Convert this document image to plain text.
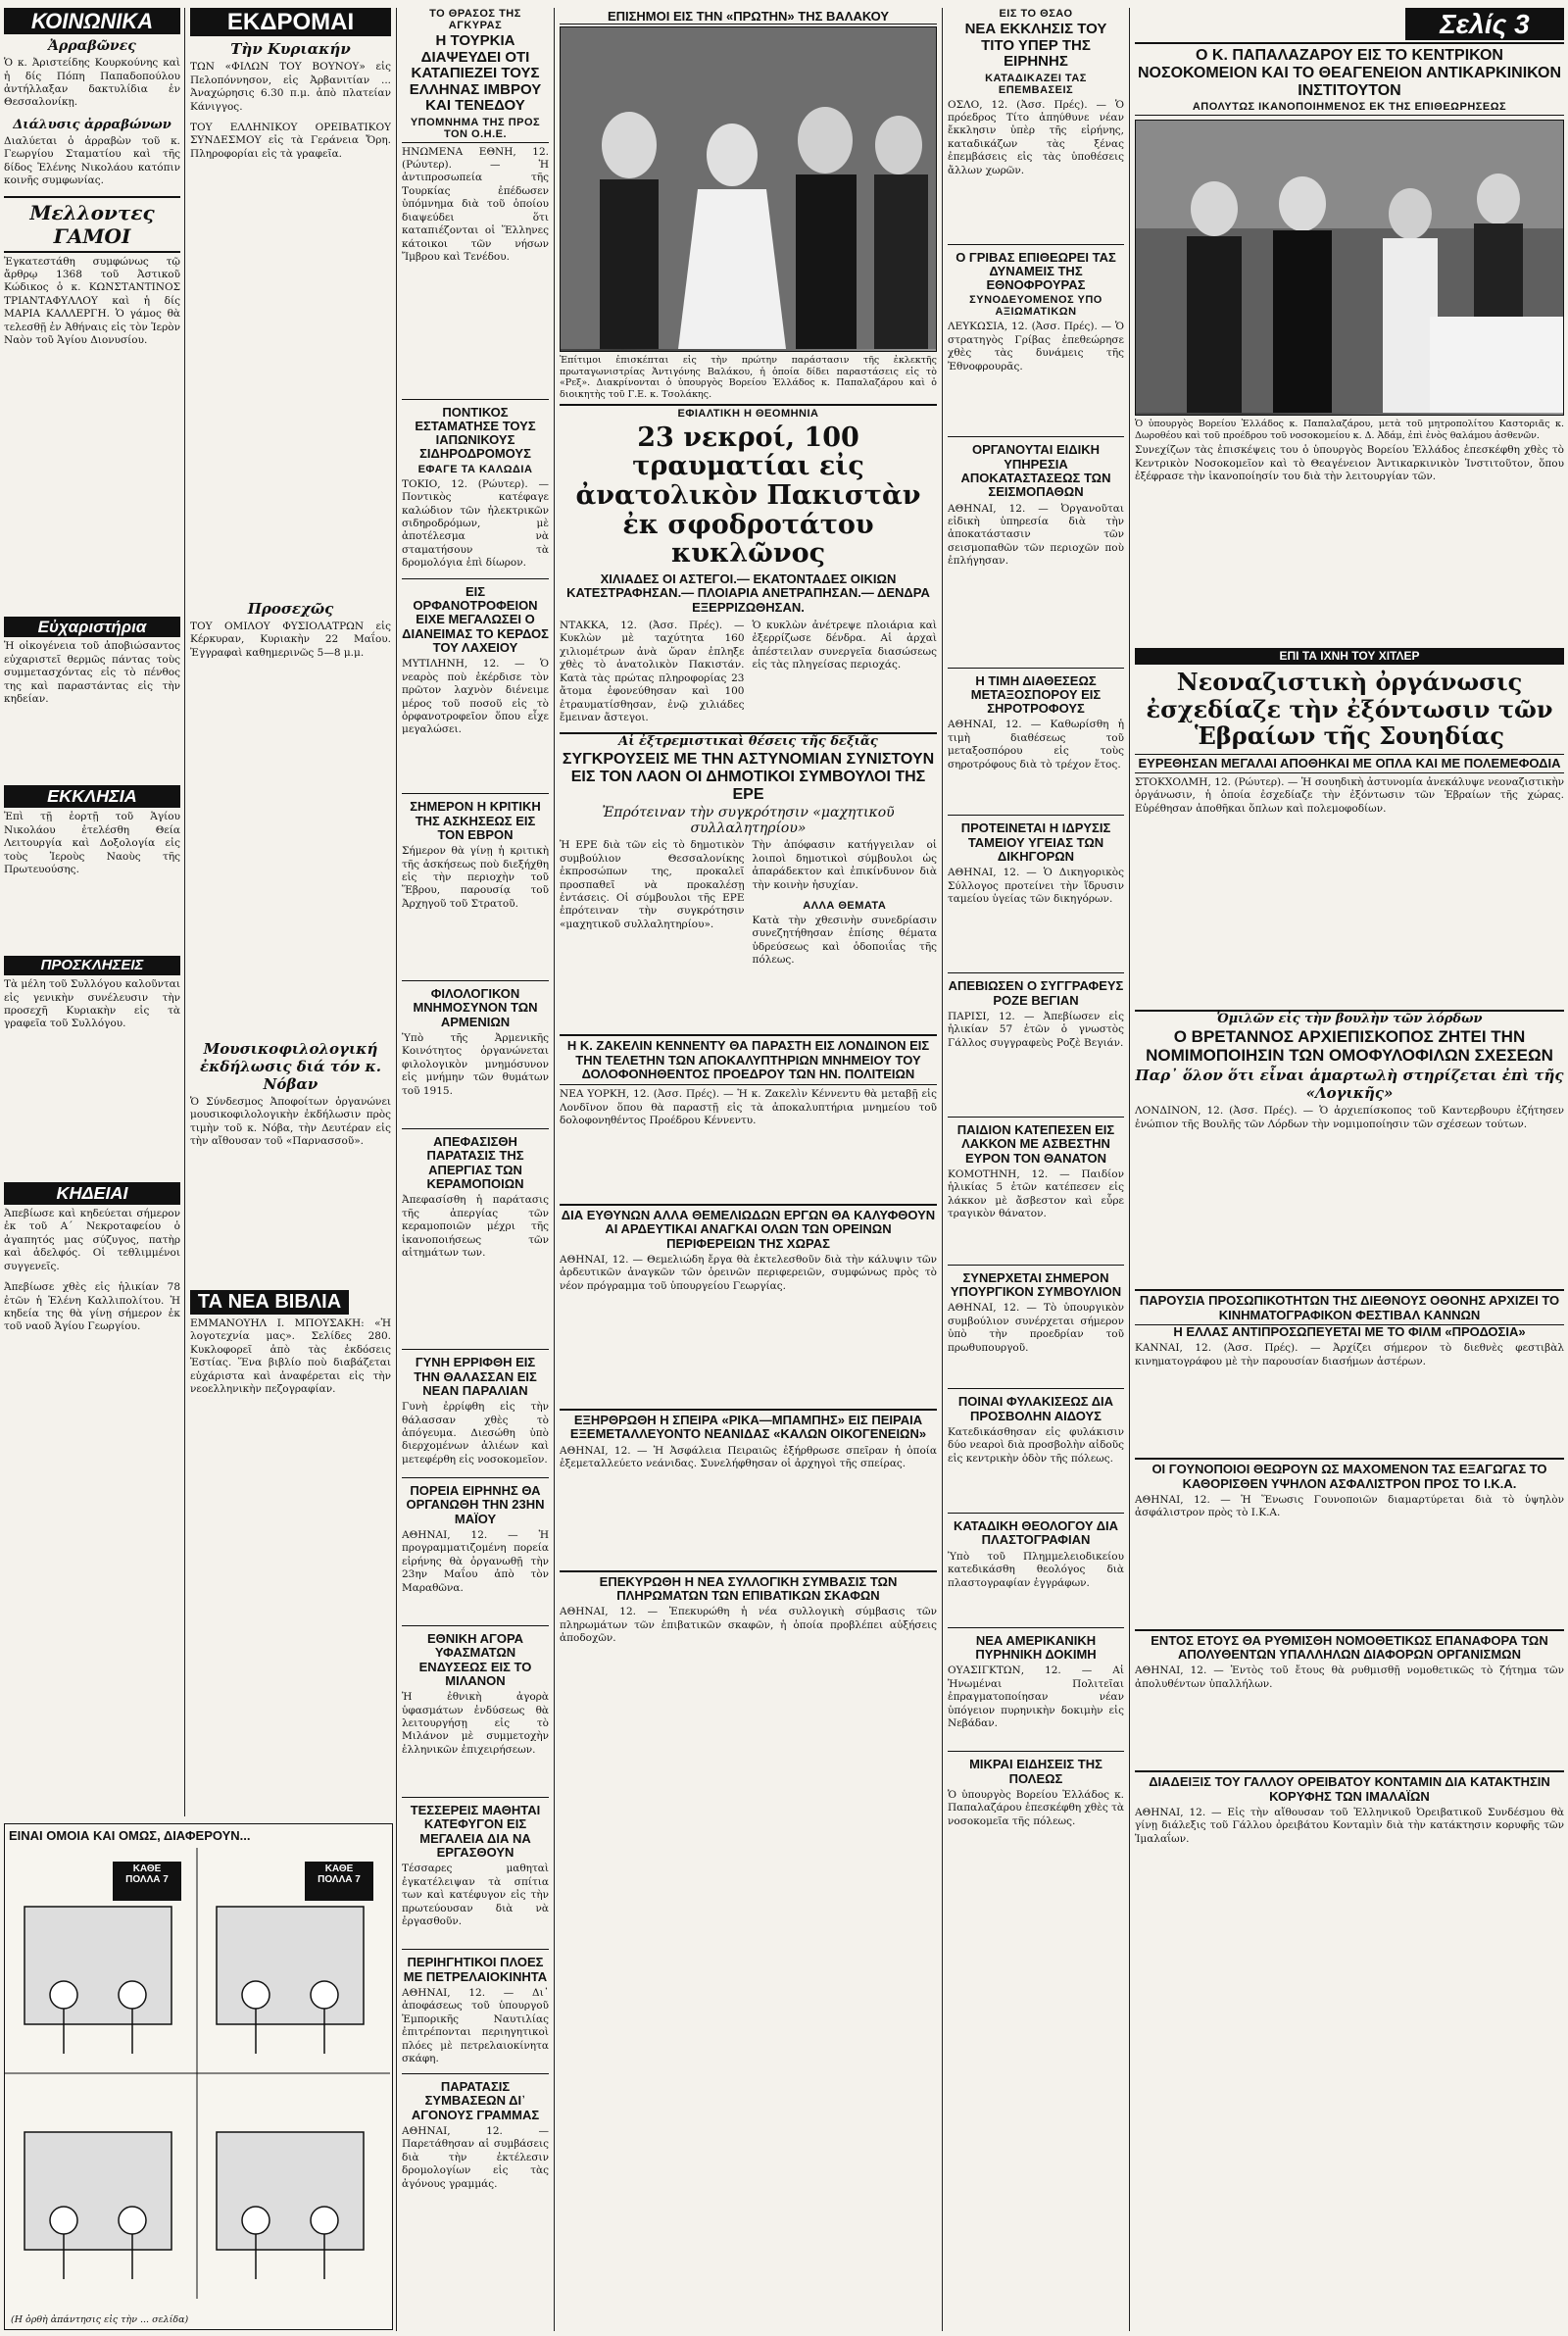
ΚΟΙΝΩΝΙΚΑ
Ἀρραβῶνες
Ὁ κ. Ἀριστείδης Κουρκούνης καὶ ἡ δίς Πόπη Παπαδοπούλου ἀντήλλαξαν δακτυλίδια ἐν Θεσσαλονίκῃ.
Διάλυσις ἀρραβώνων
Διαλύεται ὁ ἀρραβὼν τοῦ κ. Γεωργίου Σταματίου καὶ τῆς δίδος Ἑλένης Νικολάου κατόπιν κοινῆς συμφωνίας.
Μελλοντες ΓΑΜΟΙ
Ἐγκατεστάθη συμφώνως τῷ ἄρθρῳ 1368 τοῦ Ἀστικοῦ Κώδικος ὁ κ. ΚΩΝΣΤΑΝΤΙΝΟΣ ΤΡΙΑΝΤΑΦΥΛΛΟΥ καὶ ἡ δίς ΜΑΡΙΑ ΚΑΛΛΕΡΓΗ. Ὁ γάμος θὰ τελεσθῇ ἐν Ἀθήναις εἰς τὸν Ἱερὸν Ναὸν τοῦ Ἁγίου Διονυσίου.
Εὐχαριστήρια
Ἡ οἰκογένεια τοῦ ἀποβιώσαντος εὐχαριστεῖ θερμῶς πάντας τοὺς συμμετασχόντας εἰς τὸ πένθος της καὶ παραστάντας εἰς τὴν κηδείαν.
ΕΚΚΛΗΣΙΑ
Ἐπὶ τῇ ἑορτῇ τοῦ Ἁγίου Νικολάου ἐτελέσθη Θεία Λειτουργία καὶ Δοξολογία εἰς τοὺς Ἱεροὺς Ναοὺς τῆς Πρωτευούσης.
ΠΡΟΣΚΛΗΣΕΙΣ
Τὰ μέλη τοῦ Συλλόγου καλοῦνται εἰς γενικὴν συνέλευσιν τὴν προσεχῆ Κυριακὴν εἰς τὰ γραφεῖα τοῦ Συλλόγου.
ΚΗΔΕΙΑΙ
Ἀπεβίωσε καὶ κηδεύεται σήμερον ἐκ τοῦ Α΄ Νεκροταφείου ὁ ἀγαπητός μας σύζυγος, πατὴρ καὶ ἀδελφός. Οἱ τεθλιμμένοι συγγενεῖς.
Ἀπεβίωσε χθὲς εἰς ἡλικίαν 78 ἐτῶν ἡ Ἑλένη Καλλιπολίτου. Ἡ κηδεία της θὰ γίνῃ σήμερον ἐκ τοῦ ναοῦ Ἁγίου Γεωργίου.
ΕΙΝΑΙ ΟΜΟΙΑ ΚΑΙ ΟΜΩΣ, ΔΙΑΦΕΡΟΥΝ...
ΚΑΘΕ ΠΟΛΛΑ 7
ΚΑΘΕ ΠΟΛΛΑ 7
(Η ὀρθὴ ἀπάντησις εἰς τὴν ... σελίδα)
ΕΚΔΡΟΜΑΙ
Τὴν Κυριακήν
ΤΩΝ «ΦΙΛΩΝ ΤΟΥ ΒΟΥΝΟΥ» εἰς Πελοπόννησον, εἰς Ἀρβανιτίαν ... Ἀναχώρησις 6.30 π.μ. ἀπὸ πλατείαν Κάνιγγος.
ΤΟΥ ΕΛΛΗΝΙΚΟΥ ΟΡΕΙΒΑΤΙΚΟΥ ΣΥΝΔΕΣΜΟΥ εἰς τὰ Γεράνεια Ὄρη. Πληροφορίαι εἰς τὰ γραφεῖα.
Προσεχῶς
ΤΟΥ ΟΜΙΛΟΥ ΦΥΣΙΟΛΑΤΡΩΝ εἰς Κέρκυραν, Κυριακὴν 22 Μαΐου. Ἐγγραφαὶ καθημερινῶς 5—8 μ.μ.
Μουσικοφιλολογική ἐκδήλωσις διά τόν κ. Νόβαν
Ὁ Σύνδεσμος Ἀποφοίτων ὀργανώνει μουσικοφιλολογικὴν ἐκδήλωσιν πρὸς τιμὴν τοῦ κ. Νόβα, τὴν Δευτέραν εἰς τὴν αἴθουσαν τοῦ «Παρνασσοῦ».
ΤΑ ΝΕΑ ΒΙΒΛΙΑ
ΕΜΜΑΝΟΥΗΛ Ι. ΜΠΟΥΣΑΚΗ: «Ἡ λογοτεχνία μας». Σελίδες 280. Κυκλοφορεῖ ἀπὸ τὰς ἐκδόσεις Ἑστίας. Ἕνα βιβλίο ποὺ διαβάζεται εὐχάριστα καὶ ἀναφέρεται εἰς τὴν νεοελληνικὴν πεζογραφίαν.
ΤΟ ΘΡΑΣΟΣ ΤΗΣ ΑΓΚΥΡΑΣ
Η ΤΟΥΡΚΙΑ ΔΙΑΨΕΥΔΕΙ ΟΤΙ ΚΑΤΑΠΙΕΖΕΙ ΤΟΥΣ ΕΛΛΗΝΑΣ ΙΜΒΡΟΥ ΚΑΙ ΤΕΝΕΔΟΥ
ΥΠΟΜΝΗΜΑ ΤΗΣ ΠΡΟΣ ΤΟΝ Ο.Η.Ε.
ΗΝΩΜΕΝΑ ΕΘΝΗ, 12. (Ρώυτερ). — Ἡ ἀντιπροσωπεία τῆς Τουρκίας ἐπέδωσεν ὑπόμνημα διὰ τοῦ ὁποίου διαψεύδει ὅτι καταπιέζονται οἱ Ἕλληνες κάτοικοι τῶν νήσων Ἴμβρου καὶ Τενέδου.
ΠΟΝΤΙΚΟΣ ΕΣΤΑΜΑΤΗΣΕ ΤΟΥΣ ΙΑΠΩΝΙΚΟΥΣ ΣΙΔΗΡΟΔΡΟΜΟΥΣ
ΕΦΑΓΕ ΤΑ ΚΑΛΩΔΙΑ
ΤΟΚΙΟ, 12. (Ρώυτερ). — Ποντικὸς κατέφαγε καλώδιον τῶν ἠλεκτρικῶν σιδηροδρόμων, μὲ ἀποτέλεσμα νὰ σταματήσουν τὰ δρομολόγια ἐπὶ δίωρον.
ΕΙΣ ΟΡΦΑΝΟΤΡΟΦΕΙΟΝ ΕΙΧΕ ΜΕΓΑΛΩΣΕΙ Ο ΔΙΑΝΕΙΜΑΣ ΤΟ ΚΕΡΔΟΣ ΤΟΥ ΛΑΧΕΙΟΥ
ΜΥΤΙΛΗΝΗ, 12. — Ὁ νεαρὸς ποὺ ἐκέρδισε τὸν πρῶτον λαχνὸν διένειμε μέρος τοῦ ποσοῦ εἰς τὸ ὀρφανοτροφεῖον ὅπου εἶχε μεγαλώσει.
ΣΗΜΕΡΟΝ Η ΚΡΙΤΙΚΗ ΤΗΣ ΑΣΚΗΣΕΩΣ ΕΙΣ ΤΟΝ ΕΒΡΟΝ
Σήμερον θὰ γίνῃ ἡ κριτικὴ τῆς ἀσκήσεως ποὺ διεξήχθη εἰς τὴν περιοχὴν τοῦ Ἕβρου, παρουσίᾳ τοῦ Ἀρχηγοῦ τοῦ Στρατοῦ.
ΦΙΛΟΛΟΓΙΚΟΝ ΜΝΗΜΟΣΥΝΟΝ ΤΩΝ ΑΡΜΕΝΙΩΝ
Ὑπὸ τῆς Ἀρμενικῆς Κοινότητος ὀργανώνεται φιλολογικὸν μνημόσυνον εἰς μνήμην τῶν θυμάτων τοῦ 1915.
ΑΠΕΦΑΣΙΣΘΗ ΠΑΡΑΤΑΣΙΣ ΤΗΣ ΑΠΕΡΓΙΑΣ ΤΩΝ ΚΕΡΑΜΟΠΟΙΩΝ
Ἀπεφασίσθη ἡ παράτασις τῆς ἀπεργίας τῶν κεραμοποιῶν μέχρι τῆς ἱκανοποιήσεως τῶν αἰτημάτων των.
ΓΥΝΗ ΕΡΡΙΦΘΗ ΕΙΣ ΤΗΝ ΘΑΛΑΣΣΑΝ ΕΙΣ ΝΕΑΝ ΠΑΡΑΛΙΑΝ
Γυνὴ ἐρρίφθη εἰς τὴν θάλασσαν χθὲς τὸ ἀπόγευμα. Διεσώθη ὑπὸ διερχομένων ἁλιέων καὶ μετεφέρθη εἰς νοσοκομεῖον.
ΠΟΡΕΙΑ ΕΙΡΗΝΗΣ ΘΑ ΟΡΓΑΝΩΘΗ ΤΗΝ 23ΗΝ ΜΑΪΟΥ
ΑΘΗΝΑΙ, 12. — Ἡ προγραμματιζομένη πορεία εἰρήνης θὰ ὀργανωθῇ τὴν 23ην Μαΐου ἀπὸ τὸν Μαραθῶνα.
ΕΘΝΙΚΗ ΑΓΟΡΑ ΥΦΑΣΜΑΤΩΝ ΕΝΔΥΣΕΩΣ ΕΙΣ ΤΟ ΜΙΛΑΝΟΝ
Ἡ ἐθνικὴ ἀγορὰ ὑφασμάτων ἐνδύσεως θὰ λειτουργήσῃ εἰς τὸ Μιλάνον μὲ συμμετοχὴν ἑλληνικῶν ἐπιχειρήσεων.
ΤΕΣΣΕΡΕΙΣ ΜΑΘΗΤΑΙ ΚΑΤΕΦΥΓΟΝ ΕΙΣ ΜΕΓΑΛΕΙΑ ΔΙΑ ΝΑ ΕΡΓΑΣΘΟΥΝ
Τέσσαρες μαθηταὶ ἐγκατέλειψαν τὰ σπίτια των καὶ κατέφυγον εἰς τὴν πρωτεύουσαν διὰ νὰ ἐργασθοῦν.
ΠΕΡΙΗΓΗΤΙΚΟΙ ΠΛΟΕΣ ΜΕ ΠΕΤΡΕΛΑΙΟΚΙΝΗΤΑ
ΑΘΗΝΑΙ, 12. — Δι᾿ ἀποφάσεως τοῦ ὑπουργοῦ Ἐμπορικῆς Ναυτιλίας ἐπιτρέπονται περιηγητικοὶ πλόες μὲ πετρελαιοκίνητα σκάφη.
ΠΑΡΑΤΑΣΙΣ ΣΥΜΒΑΣΕΩΝ ΔΙ᾿ ΑΓΟΝΟΥΣ ΓΡΑΜΜΑΣ
ΑΘΗΝΑΙ, 12. — Παρετάθησαν αἱ συμβάσεις διὰ τὴν ἐκτέλεσιν δρομολογίων εἰς τὰς ἀγόνους γραμμάς.
ΕΠΙΣΗΜΟΙ ΕΙΣ ΤΗΝ «ΠΡΩΤΗΝ» ΤΗΣ ΒΑΛΑΚΟΥ
Ἐπίτιμοι ἐπισκέπται εἰς τὴν πρώτην παράστασιν τῆς ἐκλεκτῆς πρωταγωνιστρίας Ἀντιγόνης Βαλάκου, ἡ ὁποία δίδει παραστάσεις εἰς τὸ «Ρεξ». Διακρίνονται ὁ ὑπουργὸς Βορείου Ἑλλάδος κ. Παπαλαζάρου καὶ ὁ διοικητὴς τοῦ Γ.Ε. κ. Τσολάκης.
ΕΦΙΑΛΤΙΚΗ Η ΘΕΟΜΗΝΙΑ
23 νεκροί, 100 τραυματίαι εἰς ἀνατολικὸν Πακιστὰν ἐκ σφοδροτάτου κυκλῶνος
ΧΙΛΙΑΔΕΣ ΟΙ ΑΣΤΕΓΟΙ.— ΕΚΑΤΟΝΤΑΔΕΣ ΟΙΚΙΩΝ ΚΑΤΕΣΤΡΑΦΗΣΑΝ.— ΠΛΟΙΑΡΙΑ ΑΝΕΤΡΑΠΗΣΑΝ.— ΔΕΝΔΡΑ ΕΞΕΡΡΙΖΩΘΗΣΑΝ.
ΝΤΑΚΚΑ, 12. (Ἀσσ. Πρές). — Κυκλὼν μὲ ταχύτητα 160 χιλιομέτρων ἀνὰ ὥραν ἐπληξε χθὲς τὸ ἀνατολικὸν Πακιστάν. Κατὰ τὰς πρώτας πληροφορίας 23 ἄτομα ἐφονεύθησαν καὶ 100 ἐτραυματίσθησαν, ἐνῷ χιλιάδες ἔμειναν ἄστεγοι.
Ὁ κυκλὼν ἀνέτρεψε πλοιάρια καὶ ἐξερρίζωσε δένδρα. Αἱ ἀρχαὶ ἀπέστειλαν συνεργεῖα διασώσεως εἰς τὰς πληγείσας περιοχάς.
Αἱ ἐξτρεμιστικαὶ θέσεις τῆς δεξιᾶς
ΣΥΓΚΡΟΥΣΕΙΣ ΜΕ ΤΗΝ ΑΣΤΥΝΟΜΙΑΝ ΣΥΝΙΣΤΟΥΝ ΕΙΣ ΤΟΝ ΛΑΟΝ ΟΙ ΔΗΜΟΤΙΚΟΙ ΣΥΜΒΟΥΛΟΙ ΤΗΣ ΕΡΕ
Ἐπρότειναν τὴν συγκρότησιν «μαχητικοῦ συλλαλητηρίου»
Ἡ ΕΡΕ διὰ τῶν εἰς τὸ δημοτικὸν συμβούλιον Θεσσαλονίκης ἐκπροσώπων της, προκαλεῖ προσπαθεῖ νὰ προκαλέσῃ ἐντάσεις. Οἱ σύμβουλοι τῆς ΕΡΕ ἐπρότειναν τὴν συγκρότησιν «μαχητικοῦ συλλαλητηρίου».
Τὴν ἀπόφασιν κατήγγειλαν οἱ λοιποὶ δημοτικοὶ σύμβουλοι ὡς ἀπαράδεκτον καὶ ἐπικίνδυνον διὰ τὴν κοινὴν ἡσυχίαν.
ΑΛΛΑ ΘΕΜΑΤΑ
Κατὰ τὴν χθεσινὴν συνεδρίασιν συνεζητήθησαν ἐπίσης θέματα ὑδρεύσεως καὶ ὁδοποιΐας τῆς πόλεως.
Η Κ. ΖΑΚΕΛΙΝ ΚΕΝΝΕΝΤΥ ΘΑ ΠΑΡΑΣΤΗ ΕΙΣ ΛΟΝΔΙΝΟΝ ΕΙΣ ΤΗΝ ΤΕΛΕΤΗΝ ΤΩΝ ΑΠΟΚΑΛΥΠΤΗΡΙΩΝ ΜΝΗΜΕΙΟΥ ΤΟΥ ΔΟΛΟΦΟΝΗΘΕΝΤΟΣ ΠΡΟΕΔΡΟΥ ΤΩΝ ΗΝ. ΠΟΛΙΤΕΙΩΝ
ΝΕΑ ΥΟΡΚΗ, 12. (Ἀσσ. Πρές). — Ἡ κ. Ζακελὶν Κέννεντυ θὰ μεταβῇ εἰς Λονδῖνον ὅπου θὰ παραστῇ εἰς τὰ ἀποκαλυπτήρια μνημείου τοῦ δολοφονηθέντος Προέδρου Κέννεντυ.
ΔΙΑ ΕΥΘΥΝΩΝ ΑΛΛΑ ΘΕΜΕΛΙΩΔΩΝ ΕΡΓΩΝ ΘΑ ΚΑΛΥΦΘΟΥΝ ΑΙ ΑΡΔΕΥΤΙΚΑΙ ΑΝΑΓΚΑΙ ΟΛΩΝ ΤΩΝ ΟΡΕΙΝΩΝ ΠΕΡΙΦΕΡΕΙΩΝ ΤΗΣ ΧΩΡΑΣ
ΑΘΗΝΑΙ, 12. — Θεμελιώδη ἔργα θὰ ἐκτελεσθοῦν διὰ τὴν κάλυψιν τῶν ἀρδευτικῶν ἀναγκῶν τῶν ὀρεινῶν περιφερειῶν, συμφώνως πρὸς τὸ νέον πρόγραμμα τοῦ ὑπουργείου Γεωργίας.
ΕΞΗΡΘΡΩΘΗ Η ΣΠΕΙΡΑ «ΡΙΚΑ—ΜΠΑΜΠΗΣ» ΕΙΣ ΠΕΙΡΑΙΑ ΕΞΕΜΕΤΑΛΛΕΥΟΝΤΟ ΝΕΑΝΙΔΑΣ «ΚΑΛΩΝ ΟΙΚΟΓΕΝΕΙΩΝ»
ΑΘΗΝΑΙ, 12. — Ἡ Ἀσφάλεια Πειραιῶς ἐξήρθρωσε σπεῖραν ἡ ὁποία ἐξεμεταλλεύετο νεάνιδας. Συνελήφθησαν οἱ ἀρχηγοὶ τῆς σπείρας.
ΕΠΕΚΥΡΩΘΗ Η ΝΕΑ ΣΥΛΛΟΓΙΚΗ ΣΥΜΒΑΣΙΣ ΤΩΝ ΠΛΗΡΩΜΑΤΩΝ ΤΩΝ ΕΠΙΒΑΤΙΚΩΝ ΣΚΑΦΩΝ
ΑΘΗΝΑΙ, 12. — Ἐπεκυρώθη ἡ νέα συλλογικὴ σύμβασις τῶν πληρωμάτων τῶν ἐπιβατικῶν σκαφῶν, ἡ ὁποία προβλέπει αὐξήσεις ἀποδοχῶν.
ΕΙΣ ΤΟ ΘΣΑΟ
ΝΕΑ ΕΚΚΛΗΣΙΣ ΤΟΥ ΤΙΤΟ ΥΠΕΡ ΤΗΣ ΕΙΡΗΝΗΣ
ΚΑΤΑΔΙΚΑΖΕΙ ΤΑΣ ΕΠΕΜΒΑΣΕΙΣ
ΟΣΛΟ, 12. (Ἀσσ. Πρές). — Ὁ πρόεδρος Τίτο ἀπηύθυνε νέαν ἔκκλησιν ὑπὲρ τῆς εἰρήνης, καταδικάζων τὰς ξένας ἐπεμβάσεις εἰς τὰς ὑποθέσεις ἄλλων χωρῶν.
Ο ΓΡΙΒΑΣ ΕΠΙΘΕΩΡΕΙ ΤΑΣ ΔΥΝΑΜΕΙΣ ΤΗΣ ΕΘΝΟΦΡΟΥΡΑΣ
ΣΥΝΟΔΕΥΟΜΕΝΟΣ ΥΠΟ ΑΞΙΩΜΑΤΙΚΩΝ
ΛΕΥΚΩΣΙΑ, 12. (Ἀσσ. Πρές). — Ὁ στρατηγὸς Γρίβας ἐπεθεώρησε χθὲς τὰς δυνάμεις τῆς Ἐθνοφρουρᾶς.
ΟΡΓΑΝΟΥΤΑΙ ΕΙΔΙΚΗ ΥΠΗΡΕΣΙΑ ΑΠΟΚΑΤΑΣΤΑΣΕΩΣ ΤΩΝ ΣΕΙΣΜΟΠΑΘΩΝ
ΑΘΗΝΑΙ, 12. — Ὀργανοῦται εἰδικὴ ὑπηρεσία διὰ τὴν ἀποκατάστασιν τῶν σεισμοπαθῶν τῶν περιοχῶν ποὺ ἐπλήγησαν.
Η ΤΙΜΗ ΔΙΑΘΕΣΕΩΣ ΜΕΤΑΞΟΣΠΟΡΟΥ ΕΙΣ ΣΗΡΟΤΡΟΦΟΥΣ
ΑΘΗΝΑΙ, 12. — Καθωρίσθη ἡ τιμὴ διαθέσεως τοῦ μεταξοσπόρου εἰς τοὺς σηροτρόφους διὰ τὸ τρέχον ἔτος.
ΠΡΟΤΕΙΝΕΤΑΙ Η ΙΔΡΥΣΙΣ ΤΑΜΕΙΟΥ ΥΓΕΙΑΣ ΤΩΝ ΔΙΚΗΓΟΡΩΝ
ΑΘΗΝΑΙ, 12. — Ὁ Δικηγορικὸς Σύλλογος προτείνει τὴν ἵδρυσιν ταμείου ὑγείας τῶν δικηγόρων.
ΑΠΕΒΙΩΣΕΝ Ο ΣΥΓΓΡΑΦΕΥΣ ΡΟΖΕ ΒΕΓΙΑΝ
ΠΑΡΙΣΙ, 12. — Ἀπεβίωσεν εἰς ἡλικίαν 57 ἐτῶν ὁ γνωστὸς Γάλλος συγγραφεὺς Ροζὲ Βεγιάν.
ΠΑΙΔΙΟΝ ΚΑΤΕΠΕΣΕΝ ΕΙΣ ΛΑΚΚΟΝ ΜΕ ΑΣΒΕΣΤΗΝ ΕΥΡΟΝ ΤΟΝ ΘΑΝΑΤΟΝ
ΚΟΜΟΤΗΝΗ, 12. — Παιδίον ἡλικίας 5 ἐτῶν κατέπεσεν εἰς λάκκον μὲ ἄσβεστον καὶ εὗρε τραγικὸν θάνατον.
ΣΥΝΕΡΧΕΤΑΙ ΣΗΜΕΡΟΝ ΥΠΟΥΡΓΙΚΟΝ ΣΥΜΒΟΥΛΙΟΝ
ΑΘΗΝΑΙ, 12. — Τὸ ὑπουργικὸν συμβούλιον συνέρχεται σήμερον ὑπὸ τὴν προεδρίαν τοῦ πρωθυπουργοῦ.
ΠΟΙΝΑΙ ΦΥΛΑΚΙΣΕΩΣ ΔΙΑ ΠΡΟΣΒΟΛΗΝ ΑΙΔΟΥΣ
Κατεδικάσθησαν εἰς φυλάκισιν δύο νεαροὶ διὰ προσβολὴν αἰδοῦς εἰς κεντρικὴν ὁδὸν τῆς πόλεως.
ΚΑΤΑΔΙΚΗ ΘΕΟΛΟΓΟΥ ΔΙΑ ΠΛΑΣΤΟΓΡΑΦΙΑΝ
Ὑπὸ τοῦ Πλημμελειοδικείου κατεδικάσθη θεολόγος διὰ πλαστογραφίαν ἐγγράφων.
ΝΕΑ ΑΜΕΡΙΚΑΝΙΚΗ ΠΥΡΗΝΙΚΗ ΔΟΚΙΜΗ
ΟΥΑΣΙΓΚΤΩΝ, 12. — Αἱ Ἡνωμέναι Πολιτεῖαι ἐπραγματοποίησαν νέαν ὑπόγειον πυρηνικὴν δοκιμὴν εἰς Νεβάδαν.
ΜΙΚΡΑΙ ΕΙΔΗΣΕΙΣ ΤΗΣ ΠΟΛΕΩΣ
Ὁ ὑπουργὸς Βορείου Ἑλλάδος κ. Παπαλαζάρου ἐπεσκέφθη χθὲς τὰ νοσοκομεῖα τῆς πόλεως.
Σελίς 3
Ο Κ. ΠΑΠΑΛΑΖΑΡΟΥ ΕΙΣ ΤΟ ΚΕΝΤΡΙΚΟΝ ΝΟΣΟΚΟΜΕΙΟΝ ΚΑΙ ΤΟ ΘΕΑΓΕΝΕΙΟΝ ΑΝΤΙΚΑΡΚΙΝΙΚΟΝ ΙΝΣΤΙΤΟΥΤΟΝ
ΑΠΟΛΥΤΩΣ ΙΚΑΝΟΠΟΙΗΜΕΝΟΣ ΕΚ ΤΗΣ ΕΠΙΘΕΩΡΗΣΕΩΣ
Ὁ ὑπουργὸς Βορείου Ἑλλάδος κ. Παπαλαζάρου, μετὰ τοῦ μητροπολίτου Καστοριᾶς κ. Δωροθέου καὶ τοῦ προέδρου τοῦ νοσοκομείου κ. Δ. Ἀδάμ, ἐπὶ ἑνὸς θαλάμου ἀσθενῶν.
Συνεχίζων τὰς ἐπισκέψεις του ὁ ὑπουργὸς Βορείου Ἑλλάδος ἐπεσκέφθη χθὲς τὸ Κεντρικὸν Νοσοκομεῖον καὶ τὸ Θεαγένειον Ἀντικαρκινικὸν Ἰνστιτοῦτον, ὅπου ἐξέφρασε τὴν ἱκανοποίησίν του διὰ τὴν λειτουργίαν τῶν.
ΕΠΙ ΤΑ ΙΧΝΗ ΤΟΥ ΧΙΤΛΕΡ
Νεοναζιστικὴ ὀργάνωσις ἐσχεδίαζε τὴν ἐξόντωσιν τῶν Ἑβραίων τῆς Σουηδίας
ΕΥΡΕΘΗΣΑΝ ΜΕΓΑΛΑΙ ΑΠΟΘΗΚΑΙ ΜΕ ΟΠΛΑ ΚΑΙ ΜΕ ΠΟΛΕΜΕΦΟΔΙΑ
ΣΤΟΚΧΟΛΜΗ, 12. (Ρώυτερ). — Ἡ σουηδικὴ ἀστυνομία ἀνεκάλυψε νεοναζιστικὴν ὀργάνωσιν, ἡ ὁποία ἐσχεδίαζε τὴν ἐξόντωσιν τῶν Ἑβραίων τῆς χώρας. Εὑρέθησαν ἀποθῆκαι ὅπλων καὶ πολεμοφοδίων.
Ὁμιλῶν εἰς τὴν βουλὴν τῶν λόρδων
Ο ΒΡΕΤΑΝΝΟΣ ΑΡΧΙΕΠΙΣΚΟΠΟΣ ΖΗΤΕΙ ΤΗΝ ΝΟΜΙΜΟΠΟΙΗΣΙΝ ΤΩΝ ΟΜΟΦΥΛΟΦΙΛΩΝ ΣΧΕΣΕΩΝ
Παρ᾿ ὅλον ὅτι εἶναι ἁμαρτωλὴ στηρίζεται ἐπὶ τῆς «Λογικῆς»
ΛΟΝΔΙΝΟΝ, 12. (Ἀσσ. Πρές). — Ὁ ἀρχιεπίσκοπος τοῦ Καντερβουρυ ἐζήτησεν ἐνώπιον τῆς Βουλῆς τῶν Λόρδων τὴν νομιμοποίησιν τῶν σχέσεων τούτων.
ΠΑΡΟΥΣΙΑ ΠΡΟΣΩΠΙΚΟΤΗΤΩΝ ΤΗΣ ΔΙΕΘΝΟΥΣ ΟΘΟΝΗΣ ΑΡΧΙΖΕΙ ΤΟ ΚΙΝΗΜΑΤΟΓΡΑΦΙΚΟΝ ΦΕΣΤΙΒΑΛ ΚΑΝΝΩΝ
Η ΕΛΛΑΣ ΑΝΤΙΠΡΟΣΩΠΕΥΕΤΑΙ ΜΕ ΤΟ ΦΙΛΜ «ΠΡΟΔΟΣΙΑ»
ΚΑΝΝΑΙ, 12. (Ἀσσ. Πρές). — Ἀρχίζει σήμερον τὸ διεθνὲς φεστιβὰλ κινηματογράφου μὲ τὴν παρουσίαν διασήμων ἀστέρων.
ΟΙ ΓΟΥΝΟΠΟΙΟΙ ΘΕΩΡΟΥΝ ΩΣ ΜΑΧΟΜΕΝΟΝ ΤΑΣ ΕΞΑΓΩΓΑΣ ΤΟ ΚΑΘΟΡΙΣΘΕΝ ΥΨΗΛΟΝ ΑΣΦΑΛΙΣΤΡΟΝ ΠΡΟΣ ΤΟ Ι.Κ.Α.
ΑΘΗΝΑΙ, 12. — Ἡ Ἕνωσις Γουνοποιῶν διαμαρτύρεται διὰ τὸ ὑψηλὸν ἀσφάλιστρον πρὸς τὸ Ι.Κ.Α.
ΕΝΤΟΣ ΕΤΟΥΣ ΘΑ ΡΥΘΜΙΣΘΗ ΝΟΜΟΘΕΤΙΚΩΣ ΕΠΑΝΑΦΟΡΑ ΤΩΝ ΑΠΟΛΥΘΕΝΤΩΝ ΥΠΑΛΛΗΛΩΝ ΔΙΑΦΟΡΩΝ ΟΡΓΑΝΙΣΜΩΝ
ΑΘΗΝΑΙ, 12. — Ἐντὸς τοῦ ἔτους θὰ ρυθμισθῇ νομοθετικῶς τὸ ζήτημα τῶν ἀπολυθέντων ὑπαλλήλων.
ΔΙΑΔΕΙΞΙΣ ΤΟΥ ΓΑΛΛΟΥ ΟΡΕΙΒΑΤΟΥ ΚΟΝΤΑΜΙΝ ΔΙΑ ΚΑΤΑΚΤΗΣΙΝ ΚΟΡΥΦΗΣ ΤΩΝ ΙΜΑΛΑΪΩΝ
ΑΘΗΝΑΙ, 12. — Εἰς τὴν αἴθουσαν τοῦ Ἑλληνικοῦ Ὀρειβατικοῦ Συνδέσμου θὰ γίνῃ διάλεξις τοῦ Γάλλου ὀρειβάτου Κονταμὶν διὰ τὴν κατάκτησιν κορυφῆς τῶν Ἱμαλαΐων.
